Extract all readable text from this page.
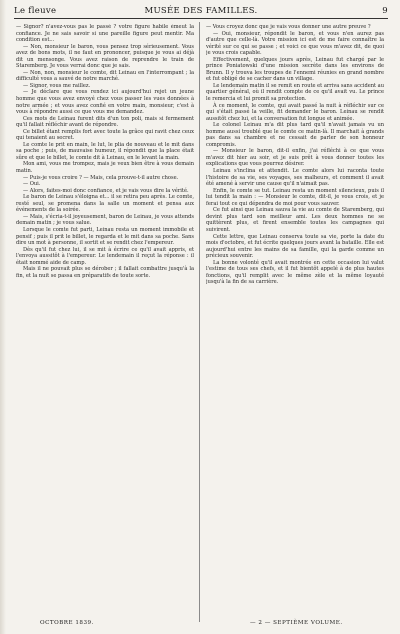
Le fleuve	MUSÉE DES FAMILLES.	9

— Signor? n'avez-vous pas le passé ? votre figure habile émeut la confiance. Je ne sais savoir si une pareille figure peut mentir. Ma condition est...

— Non, monsieur le baron, vous pensez trop sérieusement. Vous avez de bons mots, il ne faut en prononcer, puisque je vous ai déjà dit un mensonge. Vous avez raison de reprendre le train de Staremberg. Je vous verrai donc que je sais.

— Non, non, monsieur le comte, dit Leinau en l'interrompant ; la difficulté vous a sauvé de notre marché.

— Signor, vous me raillez.

— Je déclare que vous rendez ici aujourd'hui rejet un jeune homme que vous avez envoyé chez vous passer les vues données à notre armée ; et vous avez confié en votre main, monsieur, c'est à vous à répondre aussi ce que vous me demandez.

Ces mots de Leinau furent dits d'un ton poli, mais si fermement qu'il fallait réfléchir avant de répondre.

Ce billet étant remplis fort avec toute la grâce qui ravit chez ceux qui tenaient au secret.

Le comte le prit en main, le lut, le plia de nouveau et le mit dans sa poche ; puis, de mauvaise humeur, il répondit que la place était sûre et que le billet, le comte dit à Leinau, en le levant la main.

Mon ami, vous me trompez, mais je veux bien être à vous demain matin.

— Puis-je vous croire ? — Mais, cela prouve-t-il autre chose.

— Oui.

— Alors, faites-moi donc confiance, et je vais vous dire la vérité.

Le baron de Leinau s'éloigna et... il se retira peu après. Le comte, resté seul, se promena dans la salle un moment et pensa aux événements de la soirée.

— Mais, s'écria-t-il joyeusement, baron de Leinau, je vous attends demain matin ; je vous salue.

Lorsque le comte fut parti, Leinau resta un moment immobile et pensif ; puis il prit le billet, le regarda et le mit dans sa poche. Sans dire un mot à personne, il sortit et se rendit chez l'empereur.

Dès qu'il fut chez lui, il se mit à écrire ce qu'il avait appris, et l'envoya aussitôt à l'empereur. Le lendemain il reçut la réponse : il était nommé aide de camp.

Mais il ne pouvait plus se dérober ; il fallait combattre jusqu'à la fin, et la nuit se passa en préparatifs de toute sorte.

— Vous croyez donc que je vais vous donner une autre preuve ?

— Oui, monsieur, répondit le baron, et vous n'en aurez pas d'autre que celle-là. Votre mission ici est de me faire connaître la vérité sur ce qui se passe ; et voici ce que vous m'avez dit, de quoi je vous crois capable.

Effectivement, quelques jours après, Leinau fut chargé par le prince Poniatowski d'une mission secrète dans les environs de Brunn. Il y trouva les troupes de l'ennemi réunies en grand nombre et fut obligé de se cacher dans un village.

Le lendemain matin il se remit en route et arriva sans accident au quartier général, où il rendit compte de ce qu'il avait vu. Le prince le remercia et lui promit sa protection.

À ce moment, le comte, qui avait passé la nuit à réfléchir sur ce qui s'était passé la veille, fit demander le baron. Leinau se rendit aussitôt chez lui, et la conversation fut longue et animée.

Le colonel Leinau m'a dit plus tard qu'il n'avait jamais vu un homme aussi troublé que le comte ce matin-là. Il marchait à grands pas dans sa chambre et ne cessait de parler de son honneur compromis.

— Monsieur le baron, dit-il enfin, j'ai réfléchi à ce que vous m'avez dit hier au soir, et je suis prêt à vous donner toutes les explications que vous pourrez désirer.

Leinau s'inclina et attendit. Le comte alors lui raconta toute l'histoire de sa vie, ses voyages, ses malheurs, et comment il avait été amené à servir une cause qu'il n'aimait pas.

Enfin, le comte se tut. Leinau resta un moment silencieux, puis il lui tendit la main : — Monsieur le comte, dit-il, je vous crois, et je ferai tout ce qui dépendra de moi pour vous sauver.

Ce fut ainsi que Leinau sauva la vie au comte de Staremberg, qui devint plus tard son meilleur ami. Les deux hommes ne se quittèrent plus, et firent ensemble toutes les campagnes qui suivirent.

Cette lettre, que Leinau conserva toute sa vie, porte la date du mois d'octobre, et fut écrite quelques jours avant la bataille. Elle est aujourd'hui entre les mains de sa famille, qui la garde comme un précieux souvenir.

La bonne volonté qu'il avait montrée en cette occasion lui valut l'estime de tous ses chefs, et il fut bientôt appelé à de plus hautes fonctions, qu'il remplit avec le même zèle et la même loyauté jusqu'à la fin de sa carrière.

OCTOBRE 1839.	— 2 — SEPTIÈME VOLUME.
